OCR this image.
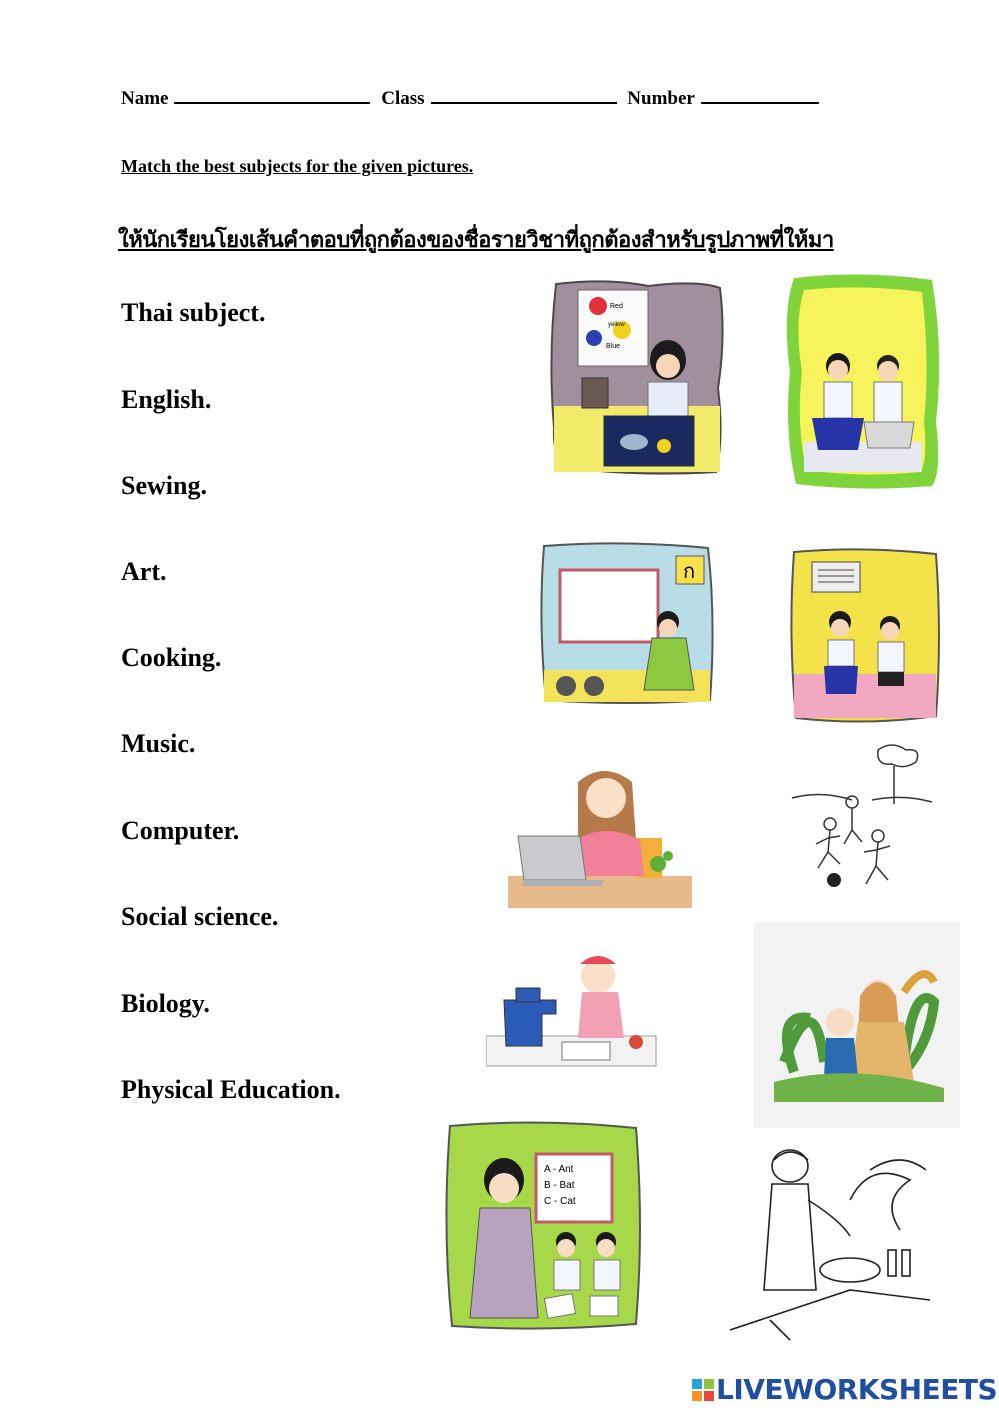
Name	Class	Number
Match the best subjects for the given pictures.
ให้นักเรียนโยงเส้นคำตอบที่ถูกต้องของชื่อรายวิชาที่ถูกต้องสำหรับรูปภาพที่ให้มา
Thai subject.
English.
Sewing.
Art.
Cooking.
Music.
Computer.
Social science.
Biology.
Physical Education.
Red
yellow
Blue
ก
A - Ant
B - Bat
C - Cat
LIVEWORKSHEETS
